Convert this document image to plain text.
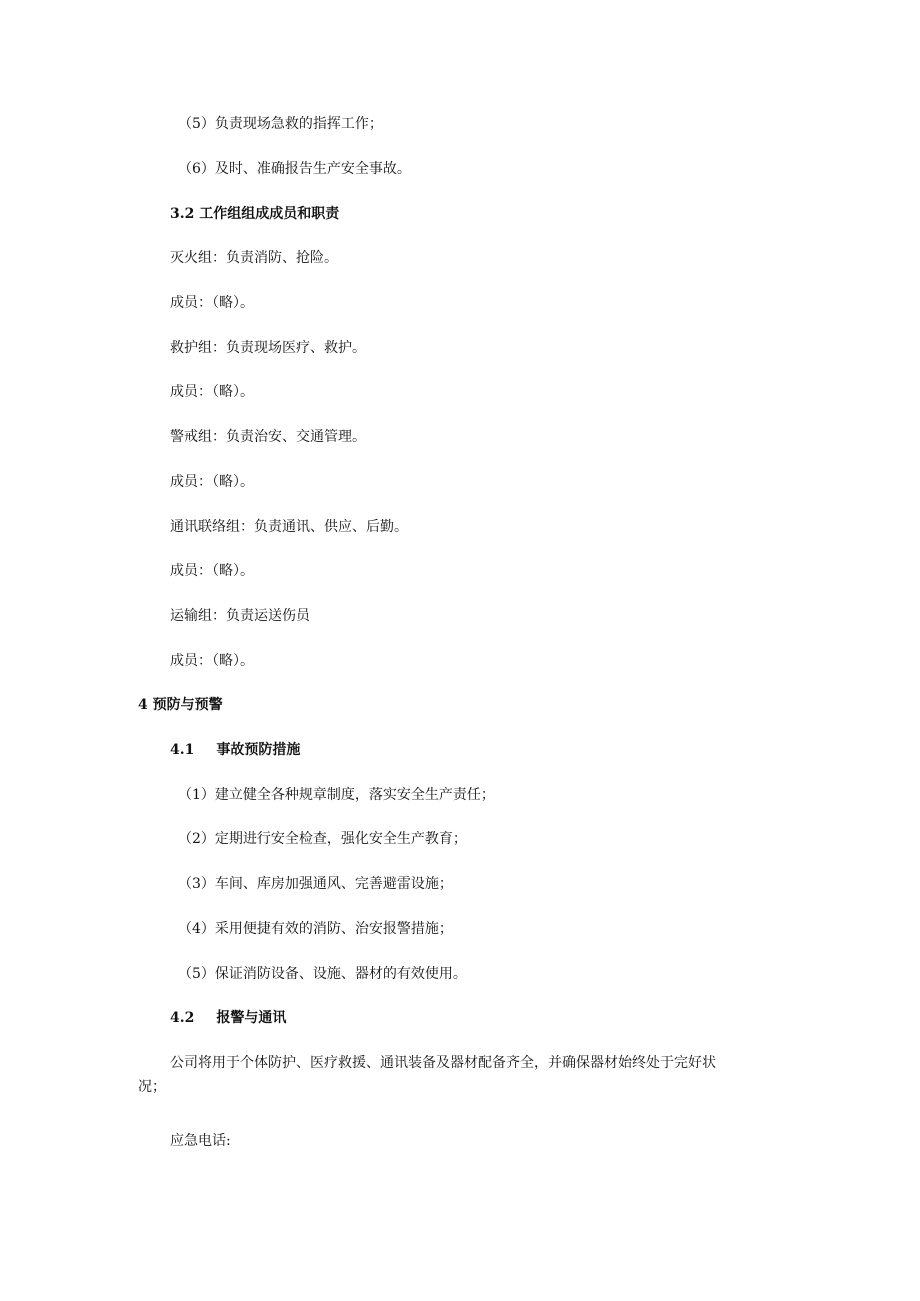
（5）负责现场急救的指挥工作；
（6）及时、准确报告生产安全事故。
3.2 工作组组成成员和职责
灭火组：负责消防、抢险。
成员：（略）。
救护组：负责现场医疗、救护。
成员：（略）。
警戒组：负责治安、交通管理。
成员：（略）。
通讯联络组：负责通讯、供应、后勤。
成员：（略）。
运输组：负责运送伤员
成员：（略）。
4 预防与预警
4.1 事故预防措施
（1）建立健全各种规章制度，落实安全生产责任；
（2）定期进行安全检查，强化安全生产教育；
（3）车间、库房加强通风、完善避雷设施；
（4）采用便捷有效的消防、治安报警措施；
（5）保证消防设备、设施、器材的有效使用。
4.2 报警与通讯
公司将用于个体防护、医疗救援、通讯装备及器材配备齐全，并确保器材始终处于完好状
况；
应急电话:
